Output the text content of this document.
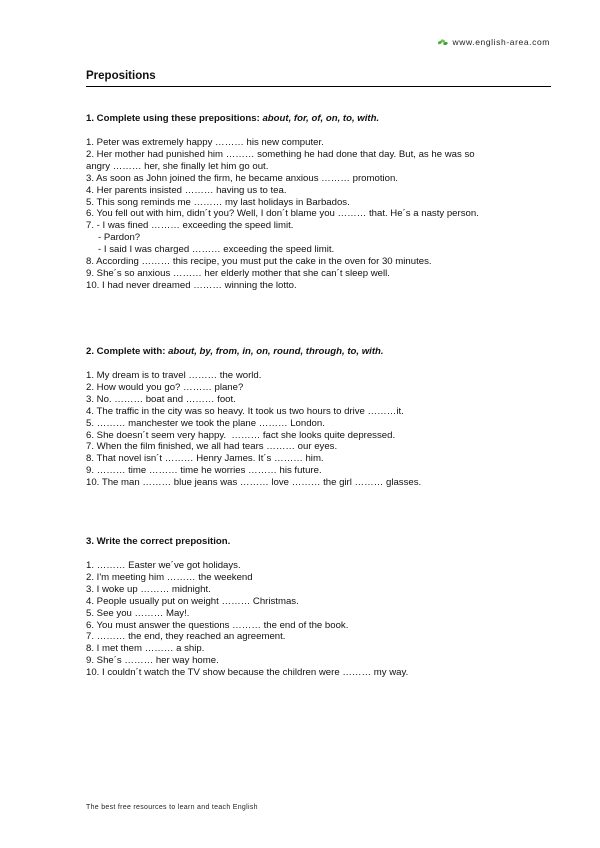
www.english-area.com
Prepositions

1. Complete using these prepositions: about, for, of, on, to, with.

1. Peter was extremely happy ……… his new computer.
2. Her mother had punished him ……… something he had done that day. But, as he was so
angry ……… her, she finally let him go out.
3. As soon as John joined the firm, he became anxious ……… promotion.
4. Her parents insisted ……… having us to tea.
5. This song reminds me ……… my last holidays in Barbados.
6. You fell out with him, didn´t you? Well, I don´t blame you ……… that. He´s a nasty person.
7. - I was fined ……… exceeding the speed limit.
- Pardon?
- I said I was charged ……… exceeding the speed limit.
8. According ……… this recipe, you must put the cake in the oven for 30 minutes.
9. She´s so anxious ……… her elderly mother that she can´t sleep well.
10. I had never dreamed ……… winning the lotto.

2. Complete with: about, by, from, in, on, round, through, to, with.

1. My dream is to travel ……… the world.
2. How would you go? ……… plane?
3. No. ……… boat and ……… foot.
4. The traffic in the city was so heavy. It took us two hours to drive ………it.
5. ……… manchester we took the plane ……… London.
6. She doesn´t seem very happy.  ……… fact she looks quite depressed.
7. When the film finished, we all had tears ……… our eyes.
8. That novel isn´t ……… Henry James. It´s ……… him.
9. ……… time ……… time he worries ……… his future.
10. The man ……… blue jeans was ……… love ……… the girl ……… glasses.

3. Write the correct preposition.

1. ……… Easter we´ve got holidays.
2. I'm meeting him ……… the weekend
3. I woke up ……… midnight.
4. People usually put on weight ……… Christmas.
5. See you ……… May!.
6. You must answer the questions ……… the end of the book.
7. ……… the end, they reached an agreement.
8. I met them ……… a ship.
9. She´s ……… her way home.
10. I couldn´t watch the TV show because the children were ……… my way.
The best free resources to learn and teach English
